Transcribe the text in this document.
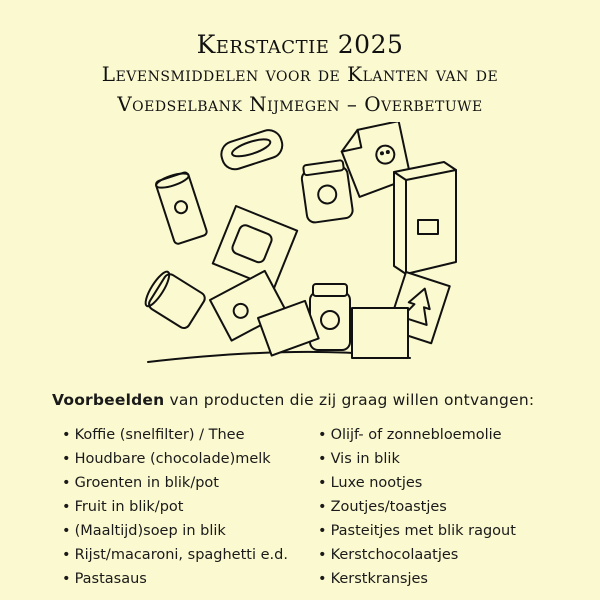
Kerstactie 2025
Levensmiddelen voor de Klanten van de
Voedselbank Nijmegen – Overbetuwe
Voorbeelden van producten die zij graag willen ontvangen:
• Koffie (snelfilter) / Thee
• Houdbare (chocolade)melk
• Groenten in blik/pot
• Fruit in blik/pot
• (Maaltijd)soep in blik
• Rijst/macaroni, spaghetti e.d.
• Pastasaus
• Olijf- of zonnebloemolie
• Vis in blik
• Luxe nootjes
• Zoutjes/toastjes
• Pasteitjes met blik ragout
• Kerstchocolaatjes
• Kerstkransjes
